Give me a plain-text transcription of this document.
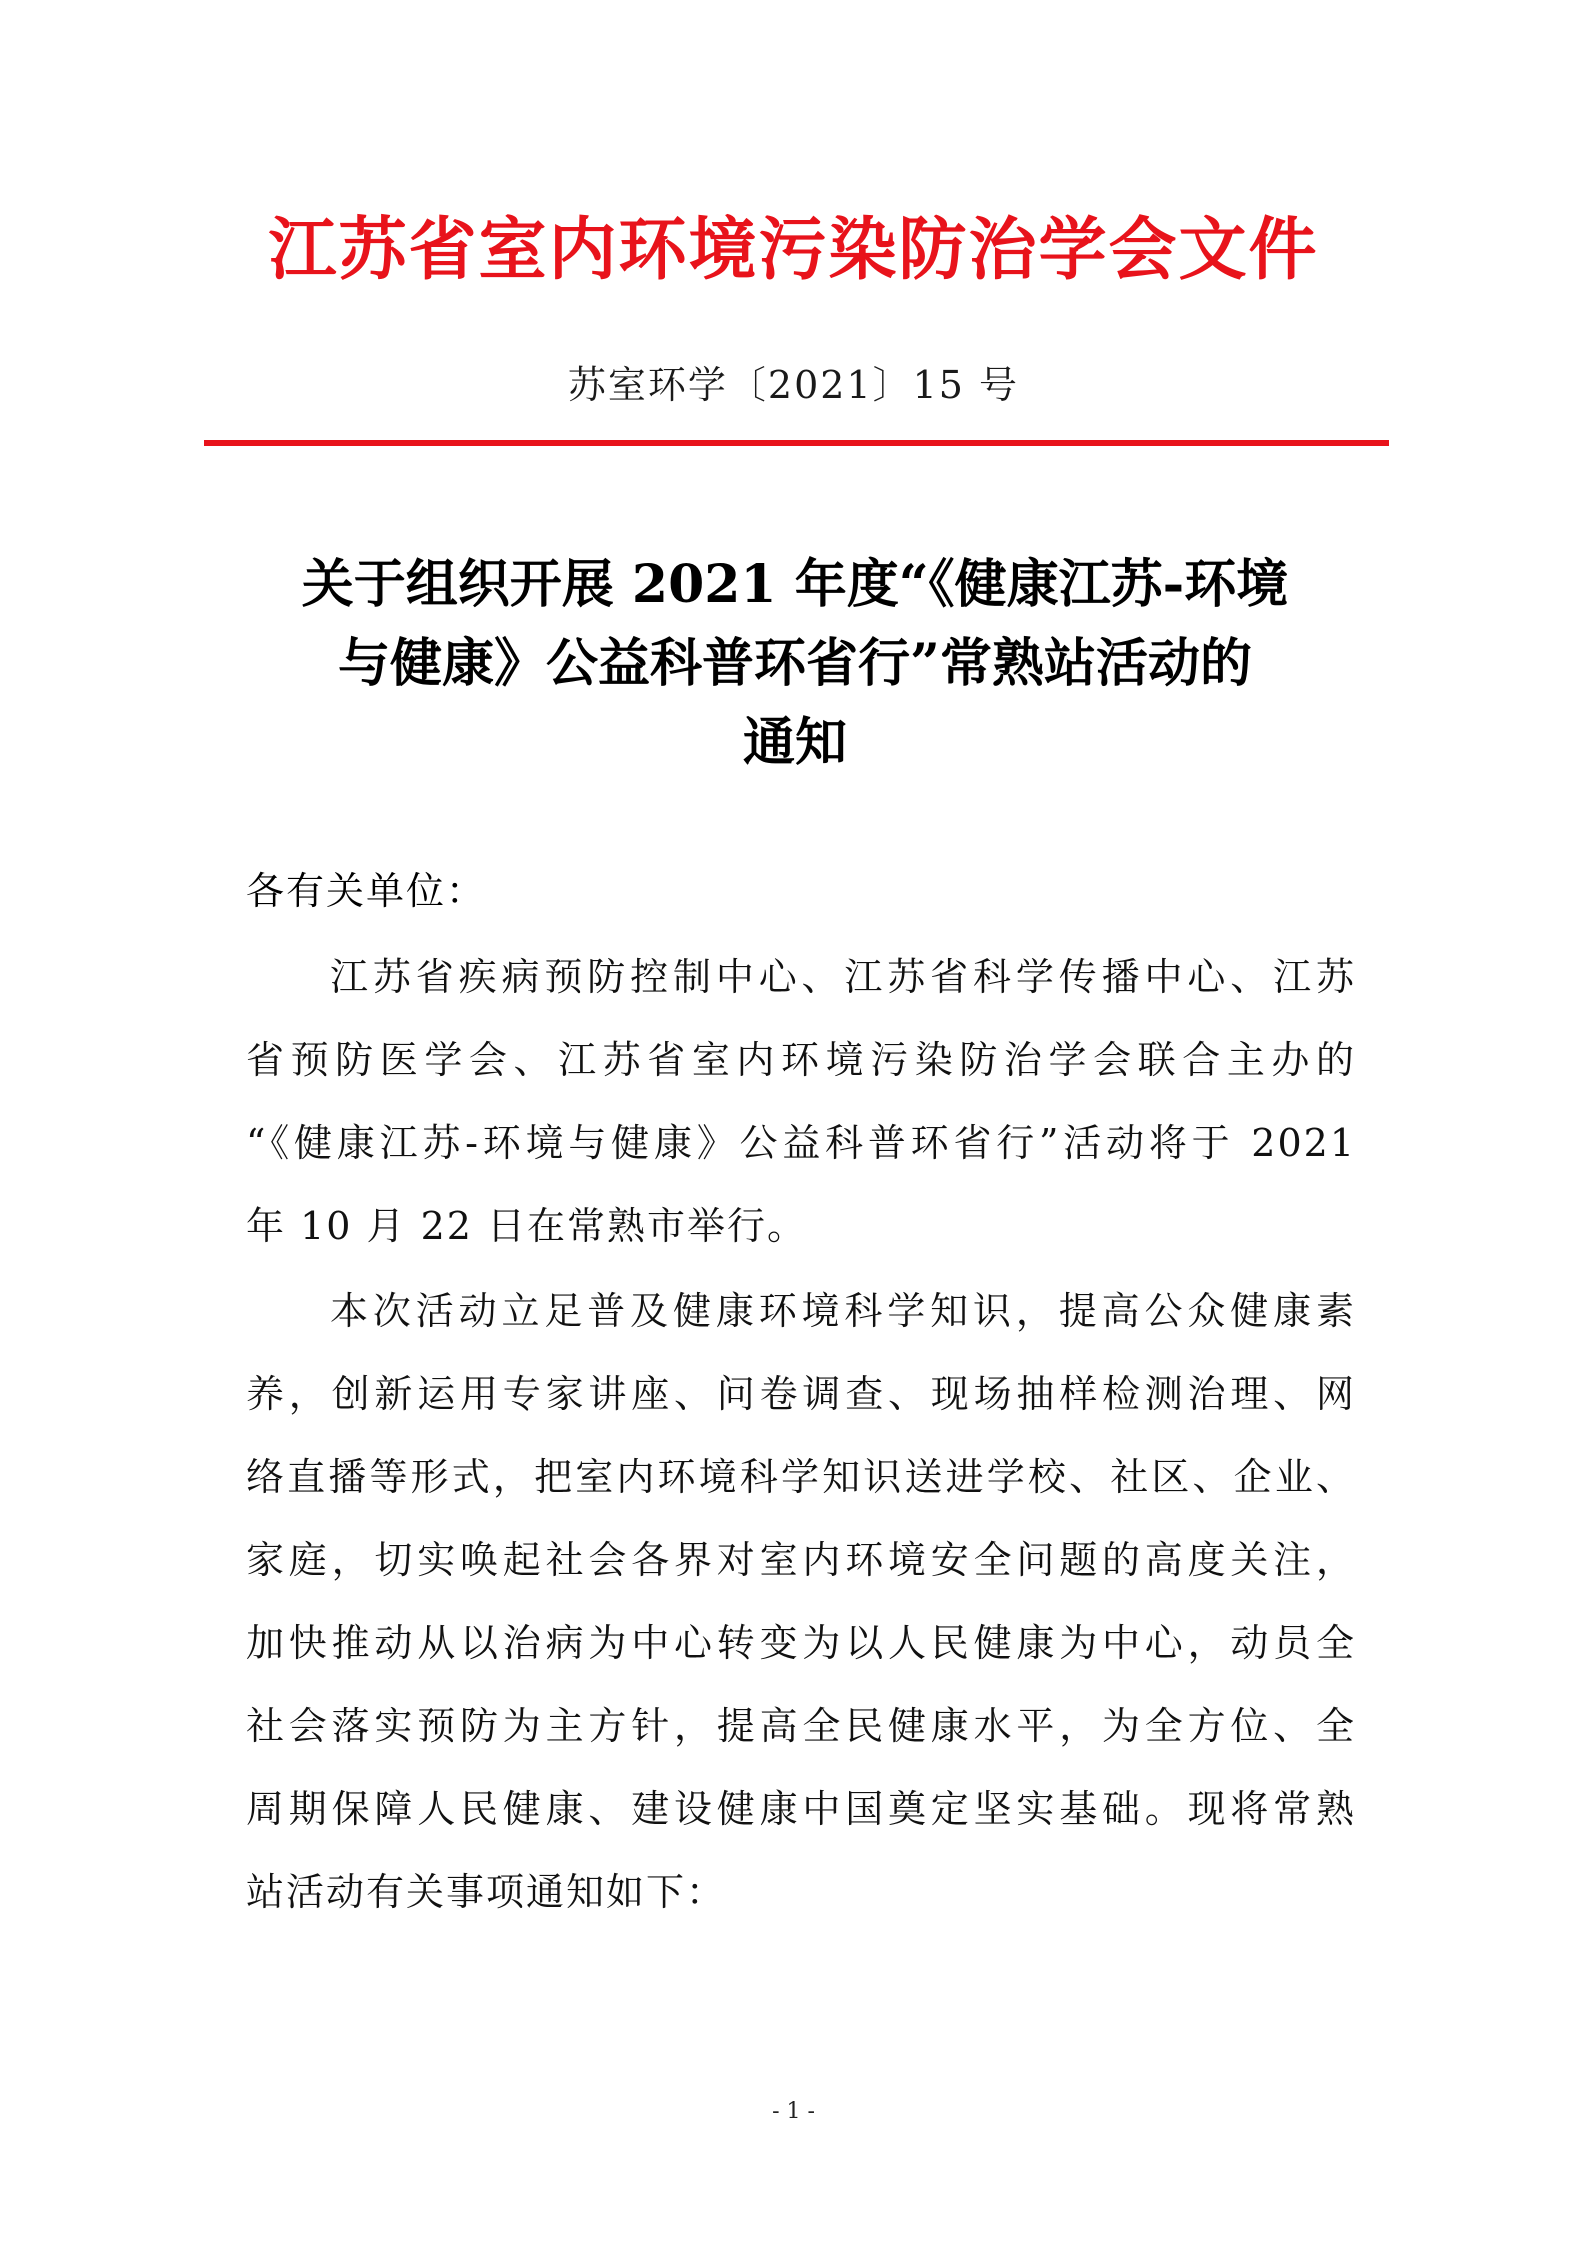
江苏省室内环境污染防治学会文件
苏室环学〔2021〕15 号
关于组织开展 2021 年度“《健康江苏-环境
与健康》公益科普环省行”常熟站活动的
通知
各有关单位：
江苏省疾病预防控制中心、江苏省科学传播中心、江苏
省预防医学会、江苏省室内环境污染防治学会联合主办的
“《健康江苏-环境与健康》公益科普环省行”活动将于 2021
年 10 月 22 日在常熟市举行。
本次活动立足普及健康环境科学知识，提高公众健康素
养，创新运用专家讲座、问卷调查、现场抽样检测治理、网
络直播等形式，把室内环境科学知识送进学校、社区、企业、
家庭，切实唤起社会各界对室内环境安全问题的高度关注，
加快推动从以治病为中心转变为以人民健康为中心，动员全
社会落实预防为主方针，提高全民健康水平，为全方位、全
周期保障人民健康、建设健康中国奠定坚实基础。现将常熟
站活动有关事项通知如下：
- 1 -
